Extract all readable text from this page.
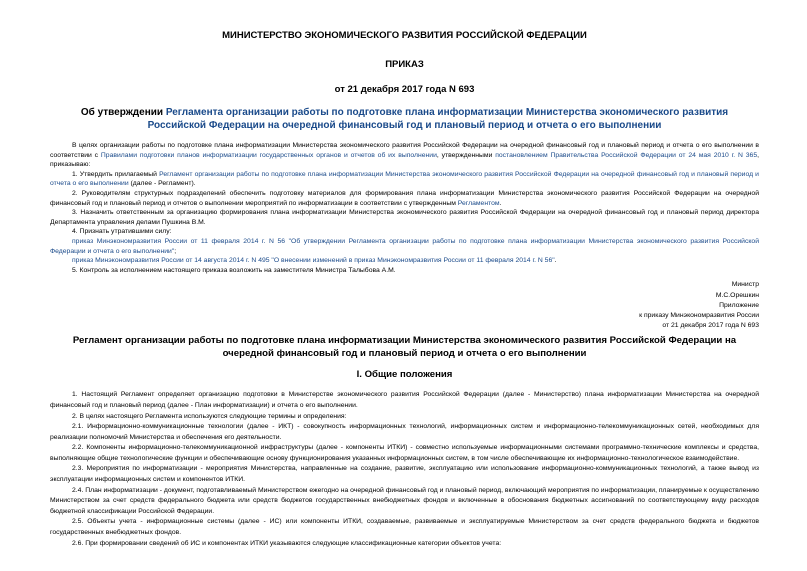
МИНИСТЕРСТВО ЭКОНОМИЧЕСКОГО РАЗВИТИЯ РОССИЙСКОЙ ФЕДЕРАЦИИ
ПРИКАЗ
от 21 декабря 2017 года N 693
Об утверждении Регламента организации работы по подготовке плана информатизации Министерства экономического развития Российской Федерации на очередной финансовый год и плановый период и отчета о его выполнении

В целях организации работы по подготовке плана информатизации Министерства экономического развития Российской Федерации на очередной финансовый год и плановый период и отчета о его выполнении в соответствии с Правилами подготовки планов информатизации государственных органов и отчетов об их выполнении, утвержденными постановлением Правительства Российской Федерации от 24 мая 2010 г. N 365, приказываю:

1. Утвердить прилагаемый Регламент организации работы по подготовке плана информатизации Министерства экономического развития Российской Федерации на очередной финансовый год и плановый период и отчета о его выполнении (далее - Регламент).

2. Руководителям структурных подразделений обеспечить подготовку материалов для формирования плана информатизации Министерства экономического развития Российской Федерации на очередной финансовый год и плановый период и отчетов о выполнении мероприятий по информатизации в соответствии с утвержденным Регламентом.

3. Назначить ответственным за организацию формирования плана информатизации Министерства экономического развития Российской Федерации на очередной финансовый год и плановый период директора Департамента управления делами Пушкина В.М.

4. Признать утратившими силу:

приказ Минэкономразвития России от 11 февраля 2014 г. N 56 "Об утверждении Регламента организации работы по подготовке плана информатизации Министерства экономического развития Российской Федерации и отчета о его выполнении";

приказ Минэкономразвития России от 14 августа 2014 г. N 495 "О внесении изменений в приказ Минэкономразвития России от 11 февраля 2014 г. N 56".

5. Контроль за исполнением настоящего приказа возложить на заместителя Министра Талыбова А.М.

Министр
М.С.Орешкин
Приложение
к приказу Минэкономразвития России
от 21 декабря 2017 года N 693
Регламент организации работы по подготовке плана информатизации Министерства экономического развития Российской Федерации на очередной финансовый год и плановый период и отчета о его выполнении
I. Общие положения

1. Настоящий Регламент определяет организацию подготовки в Министерстве экономического развития Российской Федерации (далее - Министерство) плана информатизации Министерства на очередной финансовый год и плановый период (далее - План информатизации) и отчета о его выполнении.

2. В целях настоящего Регламента используются следующие термины и определения:

2.1. Информационно-коммуникационные технологии (далее - ИКТ) - совокупность информационных технологий, информационных систем и информационно-телекоммуникационных сетей, необходимых для реализации полномочий Министерства и обеспечения его деятельности.

2.2. Компоненты информационно-телекоммуникационной инфраструктуры (далее - компоненты ИТКИ) - совместно используемые информационными системами программно-технические комплексы и средства, выполняющие общие технологические функции и обеспечивающие основу функционирования указанных информационных систем, в том числе обеспечивающие их информационно-технологическое взаимодействие.

2.3. Мероприятия по информатизации - мероприятия Министерства, направленные на создание, развитие, эксплуатацию или использование информационно-коммуникационных технологий, а также вывод из эксплуатации информационных систем и компонентов ИТКИ.

2.4. План информатизации - документ, подготавливаемый Министерством ежегодно на очередной финансовый год и плановый период, включающий мероприятия по информатизации, планируемые к осуществлению Министерством за счет средств федерального бюджета или средств бюджетов государственных внебюджетных фондов и включенные в обоснования бюджетных ассигнований по соответствующему виду расходов бюджетной классификации Российской Федерации.

2.5. Объекты учета - информационные системы (далее - ИС) или компоненты ИТКИ, создаваемые, развиваемые и эксплуатируемые Министерством за счет средств федерального бюджета и бюджетов государственных внебюджетных фондов.

2.6. При формировании сведений об ИС и компонентах ИТКИ указываются следующие классификационные категории объектов учета:
